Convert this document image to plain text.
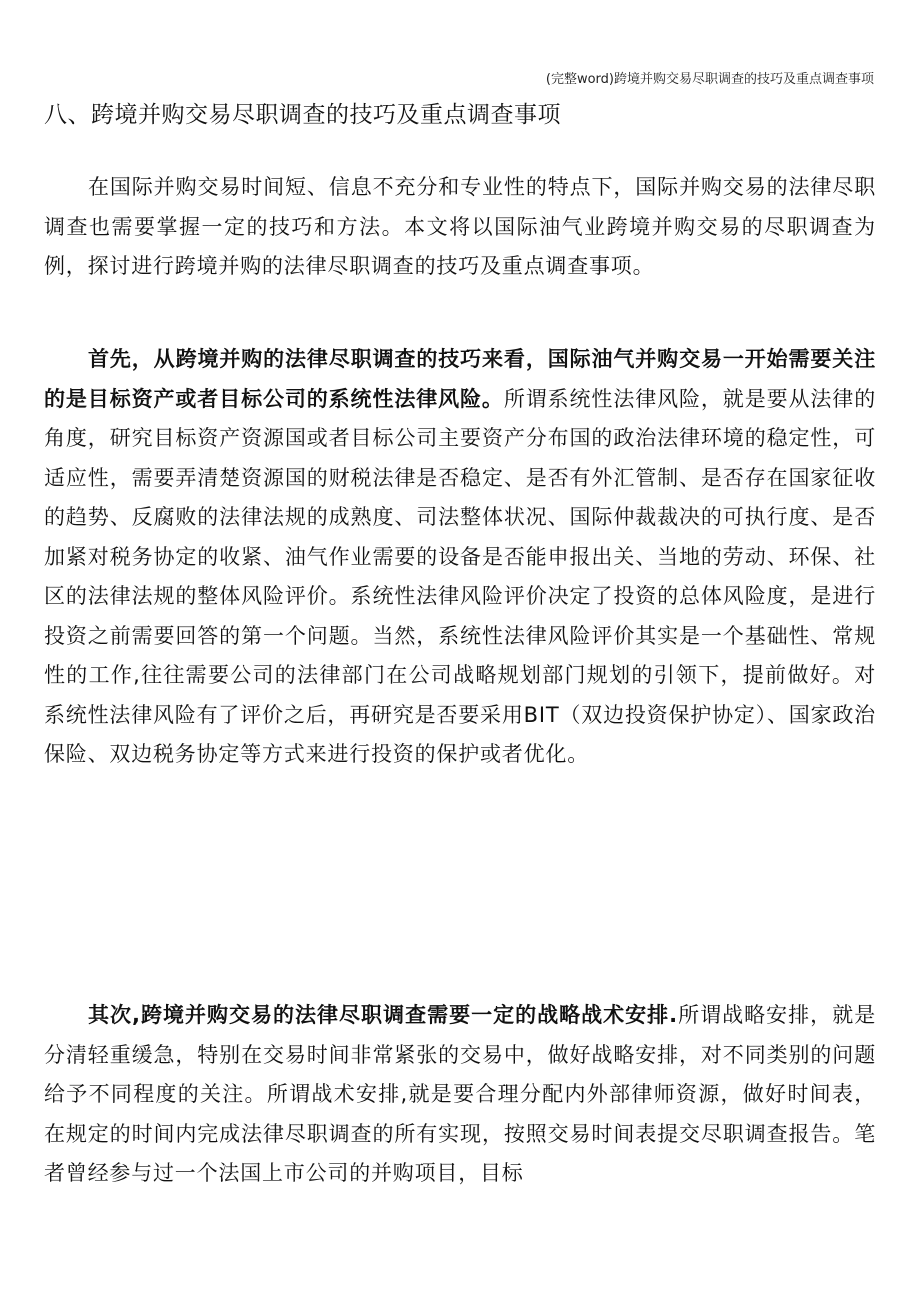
(完整word)跨境并购交易尽职调查的技巧及重点调查事项
八、跨境并购交易尽职调查的技巧及重点调查事项

在国际并购交易时间短、信息不充分和专业性的特点下，国际并购交易的法律尽职调查也需要掌握一定的技巧和方法。本文将以国际油气业跨境并购交易的尽职调查为例，探讨进行跨境并购的法律尽职调查的技巧及重点调查事项。

首先，从跨境并购的法律尽职调查的技巧来看，国际油气并购交易一开始需要关注的是目标资产或者目标公司的系统性法律风险。所谓系统性法律风险，就是要从法律的角度，研究目标资产资源国或者目标公司主要资产分布国的政治法律环境的稳定性，可适应性，需要弄清楚资源国的财税法律是否稳定、是否有外汇管制、是否存在国家征收的趋势、反腐败的法律法规的成熟度、司法整体状况、国际仲裁裁决的可执行度、是否加紧对税务协定的收紧、油气作业需要的设备是否能申报出关、当地的劳动、环保、社区的法律法规的整体风险评价。系统性法律风险评价决定了投资的总体风险度，是进行投资之前需要回答的第一个问题。当然，系统性法律风险评价其实是一个基础性、常规性的工作,往往需要公司的法律部门在公司战略规划部门规划的引领下，提前做好。对系统性法律风险有了评价之后，再研究是否要采用BIT（双边投资保护协定）、国家政治保险、双边税务协定等方式来进行投资的保护或者优化。

其次,跨境并购交易的法律尽职调查需要一定的战略战术安排.所谓战略安排，就是分清轻重缓急，特别在交易时间非常紧张的交易中，做好战略安排，对不同类别的问题给予不同程度的关注。所谓战术安排,就是要合理分配内外部律师资源，做好时间表，在规定的时间内完成法律尽职调查的所有实现，按照交易时间表提交尽职调查报告。笔者曾经参与过一个法国上市公司的并购项目，目标
